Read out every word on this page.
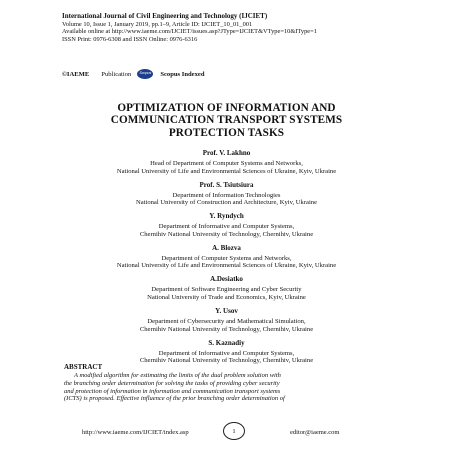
International Journal of Civil Engineering and Technology (IJCIET)
Volume 10, Issue 1, January 2019, pp.1–9, Article ID: IJCIET_10_01_001
Available online at http://www.iaeme.com/IJCIET/issues.asp?JType=IJCIET&VType=10&IType=1
ISSN Print: 0976-6308 and ISSN Online: 0976-6316
©IAEME Publication Scopus Scopus Indexed
OPTIMIZATION OF INFORMATION AND
COMMUNICATION TRANSPORT SYSTEMS
PROTECTION TASKS
Prof. V. Lakhno
Head of Department of Computer Systems and Networks,
National University of Life and Environmental Sciences of Ukraine, Kyiv, Ukraine
Prof. S. Tsiutsiura
Department of Information Technologies
National University of Construction and Architecture, Kyiv, Ukraine
Y. Ryndych
Department of Informative and Computer Systems,
Chernihiv National University of Technology, Chernihiv, Ukraine
A. Blozva
Department of Computer Systems and Networks,
National University of Life and Environmental Sciences of Ukraine, Kyiv, Ukraine
A.Desiatko
Department of Software Engineering and Cyber Security
National University of Trade and Economics, Kyiv, Ukraine
Y. Usov
Department of Cybersecurity and Mathematical Simulation,
Chernihiv National University of Technology, Chernihiv, Ukraine
S. Kaznadiy
Department of Informative and Computer Systems,
Chernihiv National University of Technology, Chernihiv, Ukraine
ABSTRACT
A modified algorithm for estimating the limits of the dual problem solution with
the branching order determination for solving the tasks of providing cyber security
and protection of information in information and communication transport systems
(ICTS) is proposed. Effective influence of the prior branching order determination of
http://www.iaeme.com/IJCIET/index.asp	1	editor@iaeme.com
